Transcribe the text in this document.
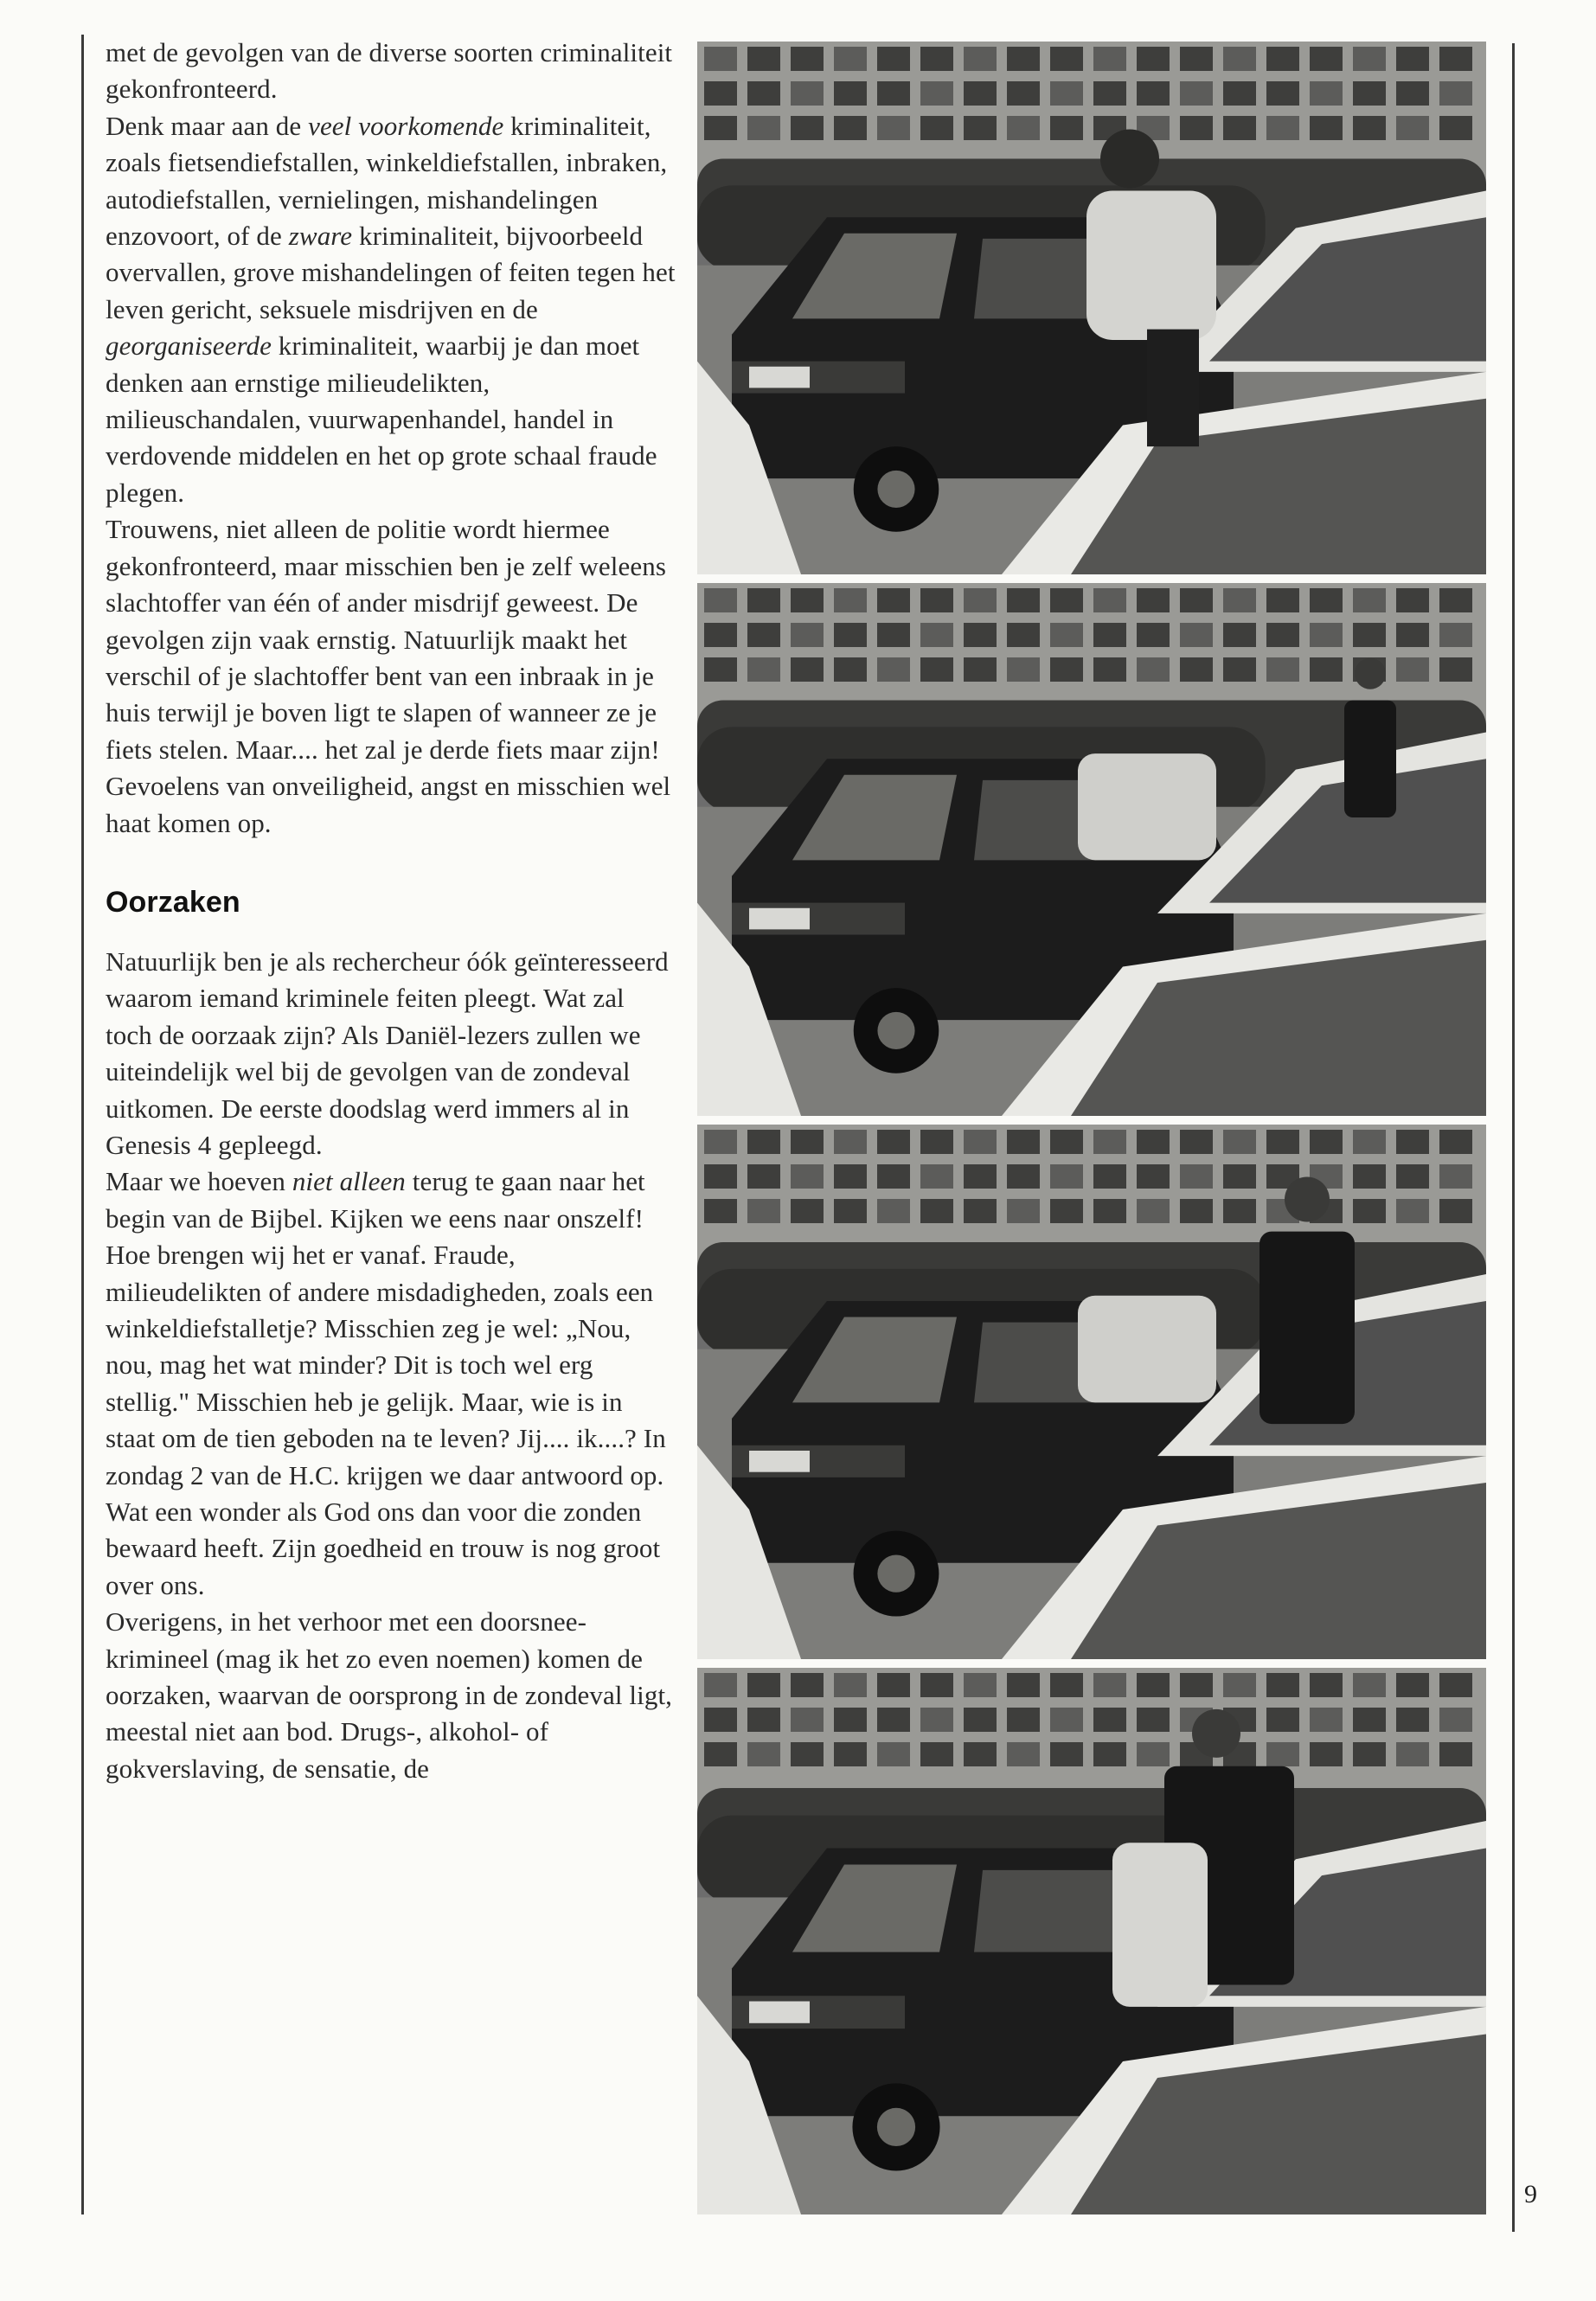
met de gevolgen van de diverse soorten criminaliteit gekonfronteerd.

Denk maar aan de veel voorkomende kriminaliteit, zoals fietsendiefstallen, winkeldiefstallen, inbraken, autodiefstallen, vernielingen, mishandelingen enzovoort, of de zware kriminaliteit, bijvoorbeeld overvallen, grove mishandelingen of feiten tegen het leven gericht, seksuele misdrijven en de georganiseerde kriminaliteit, waarbij je dan moet denken aan ernstige milieudelikten, milieuschandalen, vuurwapenhandel, handel in verdovende middelen en het op grote schaal fraude plegen.

Trouwens, niet alleen de politie wordt hiermee gekonfronteerd, maar misschien ben je zelf weleens slachtoffer van één of ander misdrijf geweest. De gevolgen zijn vaak ernstig. Natuurlijk maakt het verschil of je slachtoffer bent van een inbraak in je huis terwijl je boven ligt te slapen of wanneer ze je fiets stelen. Maar.... het zal je derde fiets maar zijn! Gevoelens van onveiligheid, angst en misschien wel haat komen op.

Oorzaken

Natuurlijk ben je als rechercheur óók geïnteresseerd waarom iemand kriminele feiten pleegt. Wat zal toch de oorzaak zijn? Als Daniël-lezers zullen we uiteindelijk wel bij de gevolgen van de zondeval uitkomen. De eerste doodslag werd immers al in Genesis 4 gepleegd.

Maar we hoeven niet alleen terug te gaan naar het begin van de Bijbel. Kijken we eens naar onszelf! Hoe brengen wij het er vanaf. Fraude, milieudelikten of andere misdadigheden, zoals een winkeldiefstalletje? Misschien zeg je wel: „Nou, nou, mag het wat minder? Dit is toch wel erg stellig." Misschien heb je gelijk. Maar, wie is in staat om de tien geboden na te leven? Jij.... ik....? In zondag 2 van de H.C. krijgen we daar antwoord op. Wat een wonder als God ons dan voor die zonden bewaard heeft. Zijn goedheid en trouw is nog groot over ons.

Overigens, in het verhoor met een doorsnee-krimineel (mag ik het zo even noemen) komen de oorzaken, waarvan de oorsprong in de zondeval ligt, meestal niet aan bod. Drugs-, alkohol- of gokverslaving, de sensatie, de

9
